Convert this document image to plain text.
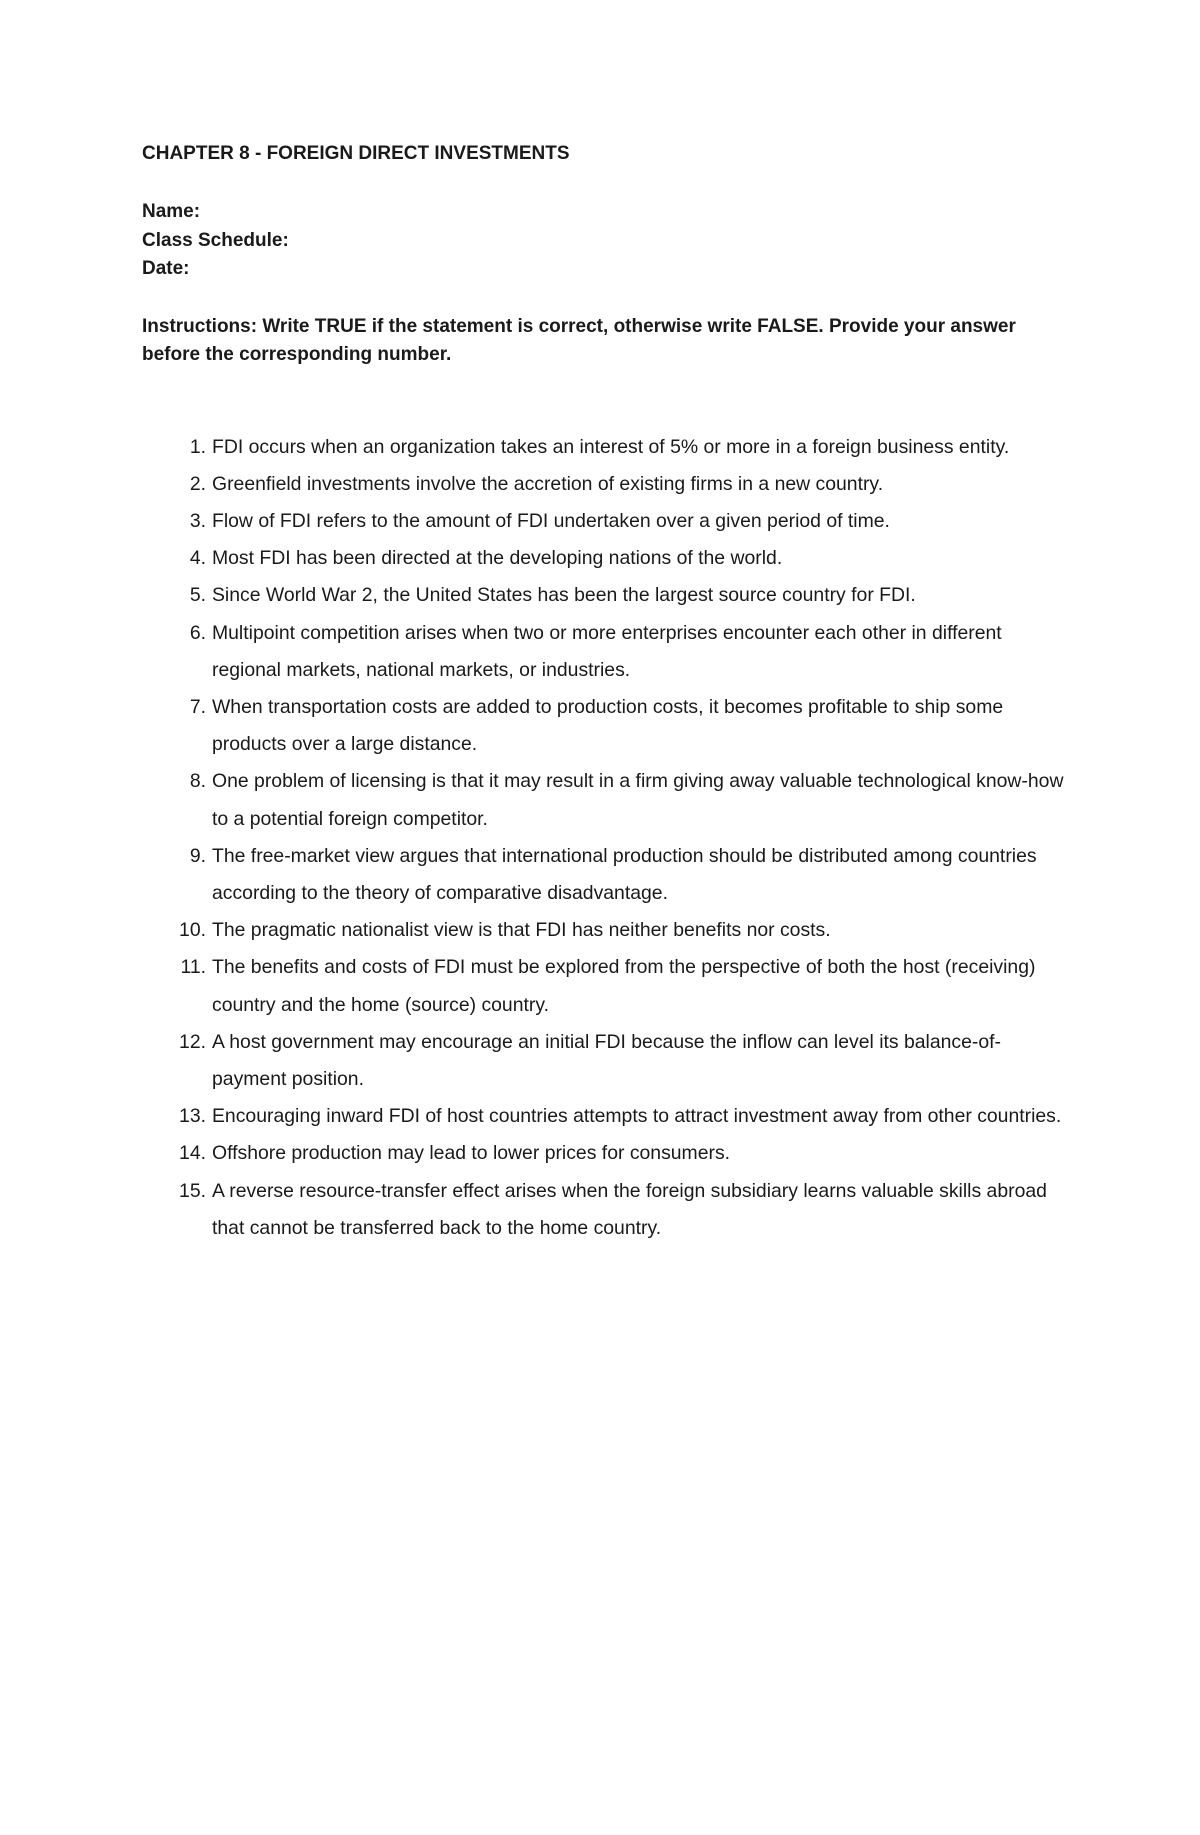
CHAPTER 8 - FOREIGN DIRECT INVESTMENTS
Name:
Class Schedule:
Date:

Instructions: Write TRUE if the statement is correct, otherwise write FALSE. Provide your answer before the corresponding number.

1. FDI occurs when an organization takes an interest of 5% or more in a foreign business entity.
2. Greenfield investments involve the accretion of existing firms in a new country.
3. Flow of FDI refers to the amount of FDI undertaken over a given period of time.
4. Most FDI has been directed at the developing nations of the world.
5. Since World War 2, the United States has been the largest source country for FDI.
6. Multipoint competition arises when two or more enterprises encounter each other in different regional markets, national markets, or industries.
7. When transportation costs are added to production costs, it becomes profitable to ship some products over a large distance.
8. One problem of licensing is that it may result in a firm giving away valuable technological know-how to a potential foreign competitor.
9. The free-market view argues that international production should be distributed among countries according to the theory of comparative disadvantage.
10. The pragmatic nationalist view is that FDI has neither benefits nor costs.
11. The benefits and costs of FDI must be explored from the perspective of both the host (receiving) country and the home (source) country.
12. A host government may encourage an initial FDI because the inflow can level its balance-of-payment position.
13. Encouraging inward FDI of host countries attempts to attract investment away from other countries.
14. Offshore production may lead to lower prices for consumers.
15. A reverse resource-transfer effect arises when the foreign subsidiary learns valuable skills abroad that cannot be transferred back to the home country.
